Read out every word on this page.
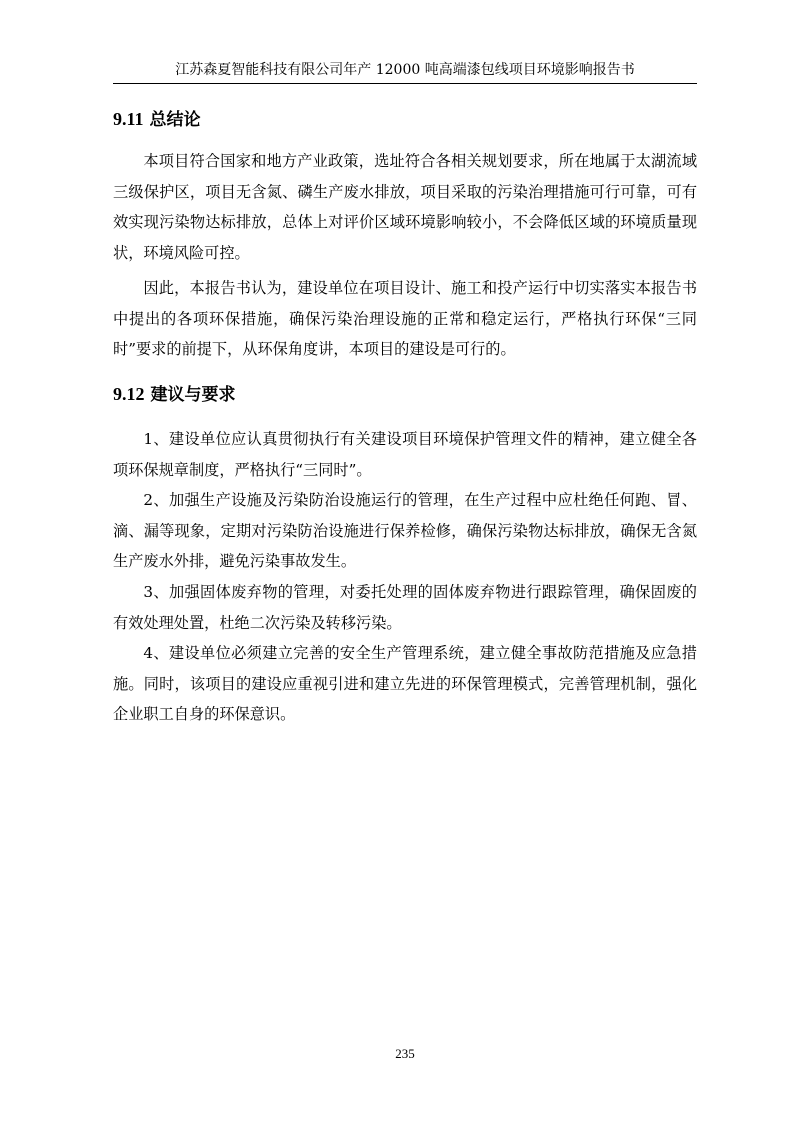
江苏森夏智能科技有限公司年产 12000 吨高端漆包线项目环境影响报告书
9.11 总结论

本项目符合国家和地方产业政策，选址符合各相关规划要求，所在地属于太湖流域三级保护区，项目无含氮、磷生产废水排放，项目采取的污染治理措施可行可靠，可有效实现污染物达标排放，总体上对评价区域环境影响较小，不会降低区域的环境质量现状，环境风险可控。

因此，本报告书认为，建设单位在项目设计、施工和投产运行中切实落实本报告书中提出的各项环保措施，确保污染治理设施的正常和稳定运行，严格执行环保“三同时”要求的前提下，从环保角度讲，本项目的建设是可行的。

9.12 建议与要求

1、建设单位应认真贯彻执行有关建设项目环境保护管理文件的精神，建立健全各项环保规章制度，严格执行“三同时”。

2、加强生产设施及污染防治设施运行的管理，在生产过程中应杜绝任何跑、冒、滴、漏等现象，定期对污染防治设施进行保养检修，确保污染物达标排放，确保无含氮生产废水外排，避免污染事故发生。

3、加强固体废弃物的管理，对委托处理的固体废弃物进行跟踪管理，确保固废的有效处理处置，杜绝二次污染及转移污染。

4、建设单位必须建立完善的安全生产管理系统，建立健全事故防范措施及应急措施。同时，该项目的建设应重视引进和建立先进的环保管理模式，完善管理机制，强化企业职工自身的环保意识。

235
